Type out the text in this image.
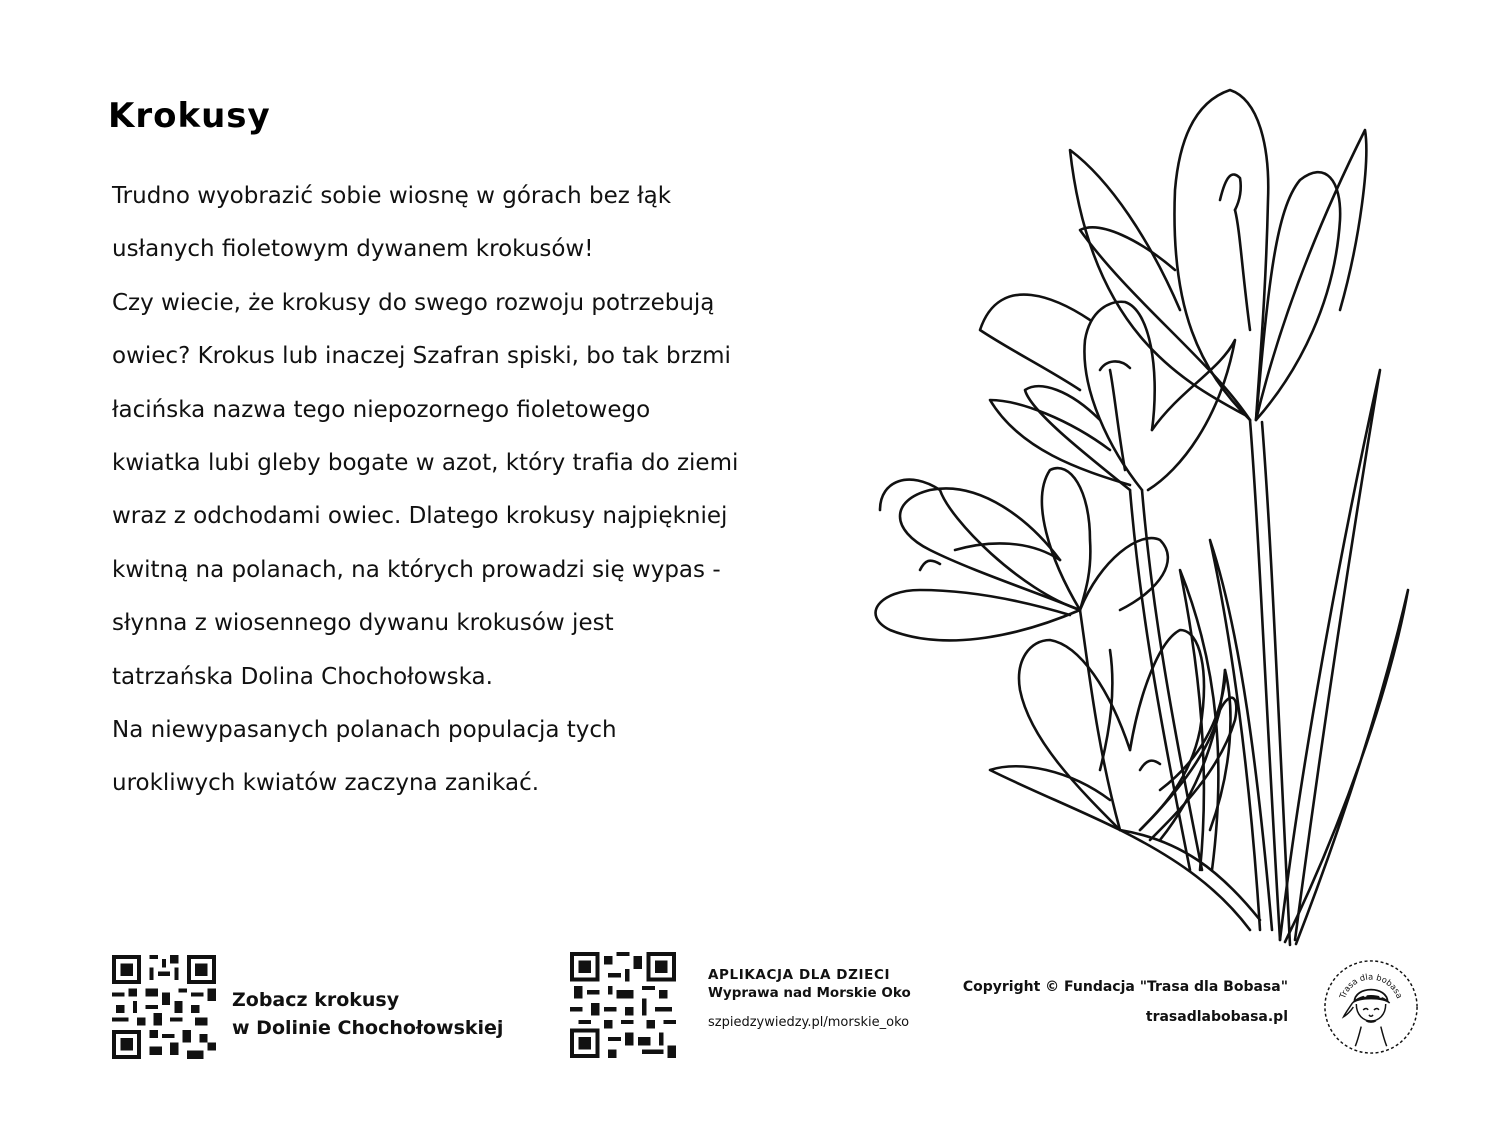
Krokusy
Trudno wyobrazić sobie wiosnę w górach bez łąk
usłanych fioletowym dywanem krokusów!
Czy wiecie, że krokusy do swego rozwoju potrzebują
owiec? Krokus lub inaczej Szafran spiski, bo tak brzmi
łacińska nazwa tego niepozornego fioletowego
kwiatka lubi gleby bogate w azot, który trafia do ziemi
wraz z odchodami owiec. Dlatego krokusy najpiękniej
kwitną na polanach, na których prowadzi się wypas -
słynna z wiosennego dywanu krokusów jest
tatrzańska Dolina Chochołowska.
Na niewypasanych polanach populacja tych
urokliwych kwiatów zaczyna zanikać.
Zobacz krokusy
w Dolinie Chochołowskiej
APLIKACJA DLA DZIECI
Wyprawa nad Morskie Oko
szpiedzywiedzy.pl/morskie_oko
Copyright © Fundacja "Trasa dla Bobasa"
trasadlabobasa.pl
Trasa dla bobasa
